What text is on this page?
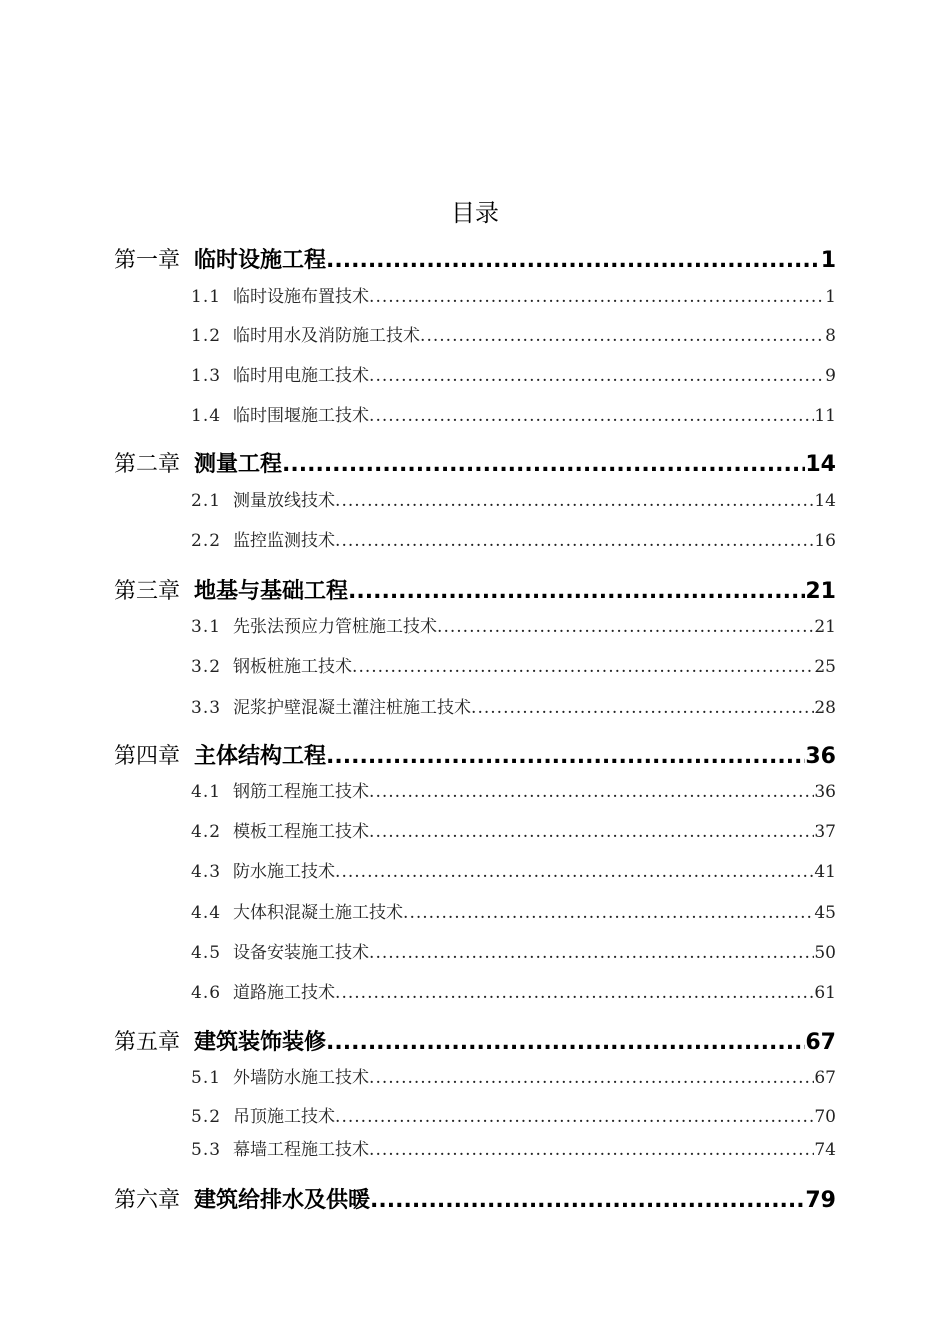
目录
第一章 临时设施工程 .....	1
1.1 临时设施布置技术 .....	1
1.2 临时用水及消防施工技术 .....	8
1.3 临时用电施工技术 .....	9
1.4 临时围堰施工技术 .....	11
第二章 测量工程 .....	14
2.1 测量放线技术 .....	14
2.2 监控监测技术 .....	16
第三章 地基与基础工程 .....	21
3.1 先张法预应力管桩施工技术 .....	21
3.2 钢板桩施工技术 .....	25
3.3 泥浆护壁混凝土灌注桩施工技术 .....	28
第四章 主体结构工程 .....	36
4.1 钢筋工程施工技术 .....	36
4.2 模板工程施工技术 .....	37
4.3 防水施工技术 .....	41
4.4 大体积混凝土施工技术 .....	45
4.5 设备安装施工技术 .....	50
4.6 道路施工技术 .....	61
第五章 建筑装饰装修 .....	67
5.1 外墙防水施工技术 .....	67
5.2 吊顶施工技术 .....	70
5.3 幕墙工程施工技术 .....	74
第六章 建筑给排水及供暖 .....	79
